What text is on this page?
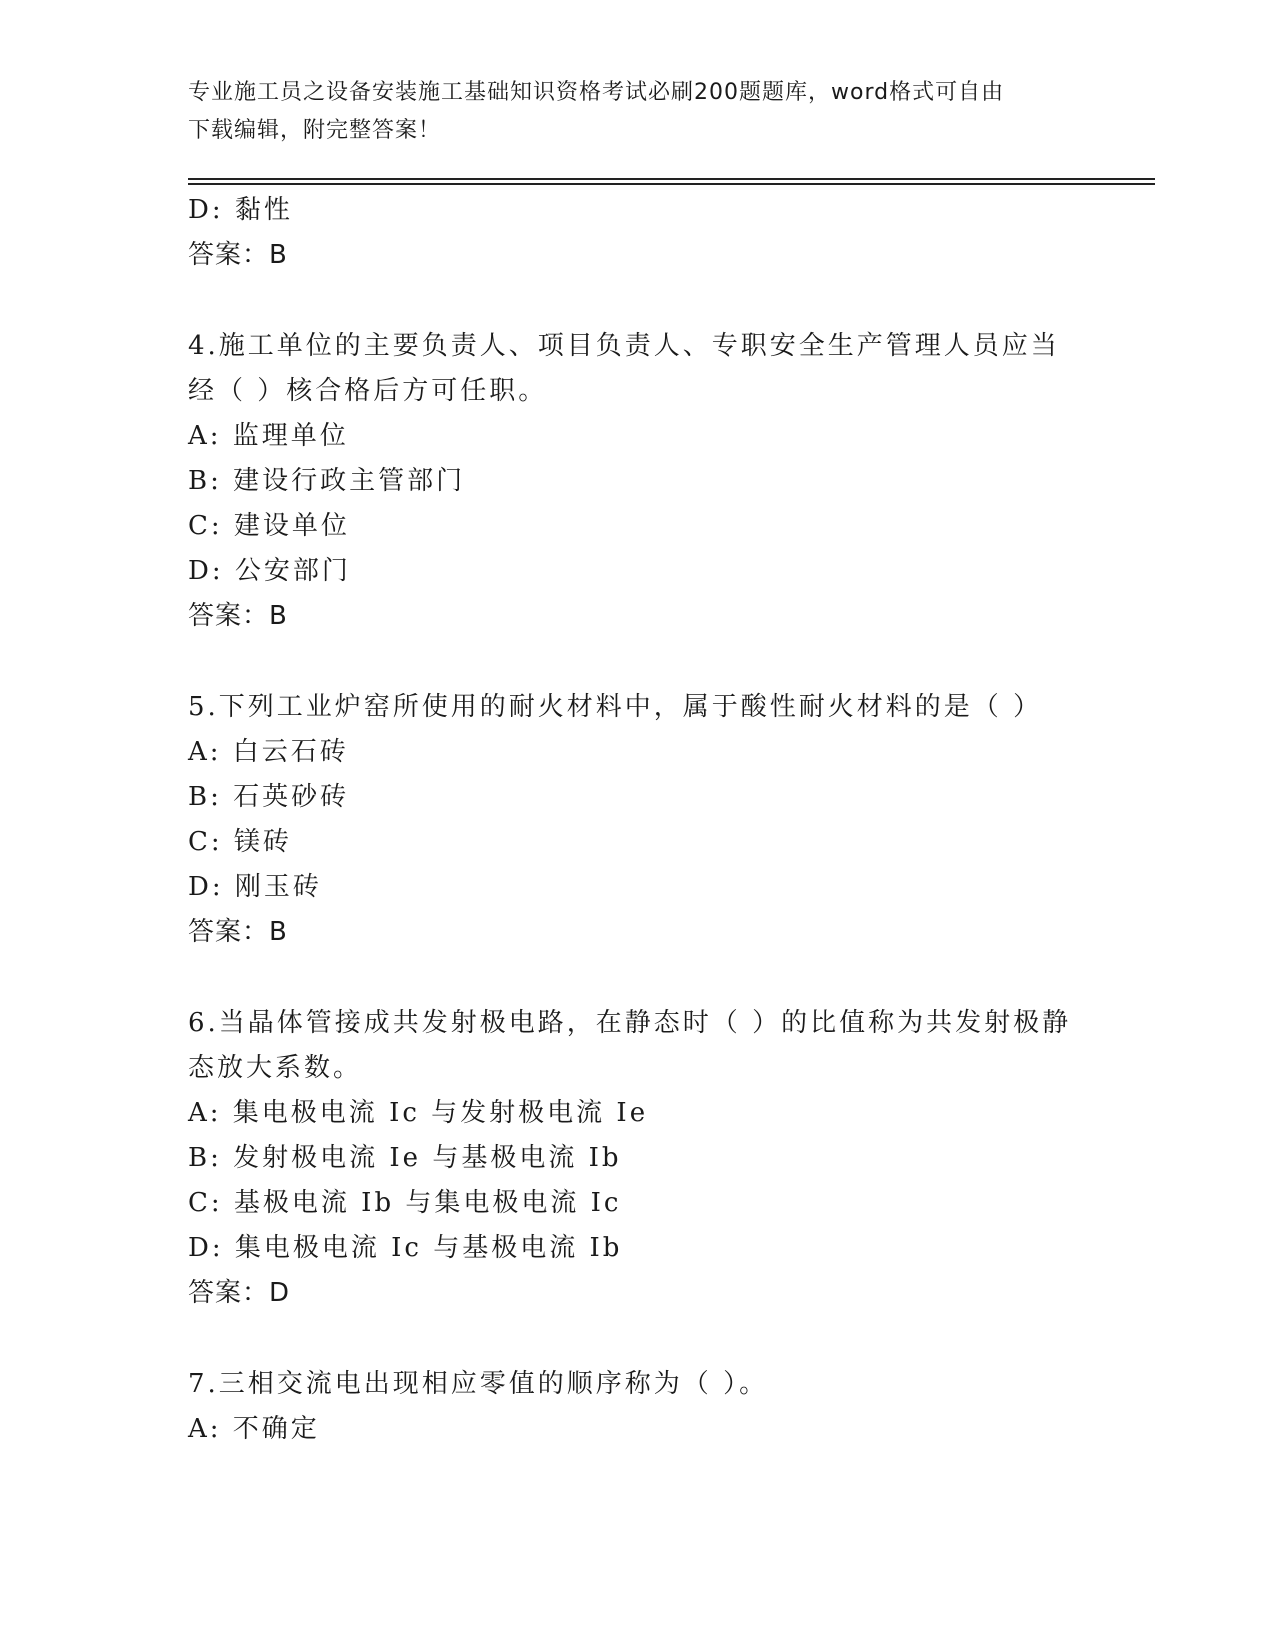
专业施工员之设备安装施工基础知识资格考试必刷200题题库，word格式可自由
下载编辑，附完整答案！
D: 黏性
答案：B
4.施工单位的主要负责人、项目负责人、专职安全生产管理人员应当
经（ ）核合格后方可任职。
A: 监理单位
B: 建设行政主管部门
C: 建设单位
D: 公安部门
答案：B
5.下列工业炉窑所使用的耐火材料中，属于酸性耐火材料的是（ ）
A: 白云石砖
B: 石英砂砖
C: 镁砖
D: 刚玉砖
答案：B
6.当晶体管接成共发射极电路，在静态时（ ）的比值称为共发射极静
态放大系数。
A: 集电极电流 Ic 与发射极电流 Ie
B: 发射极电流 Ie 与基极电流 Ib
C: 基极电流 Ib 与集电极电流 Ic
D: 集电极电流 Ic 与基极电流 Ib
答案：D
7.三相交流电出现相应零值的顺序称为（ ）。
A: 不确定
